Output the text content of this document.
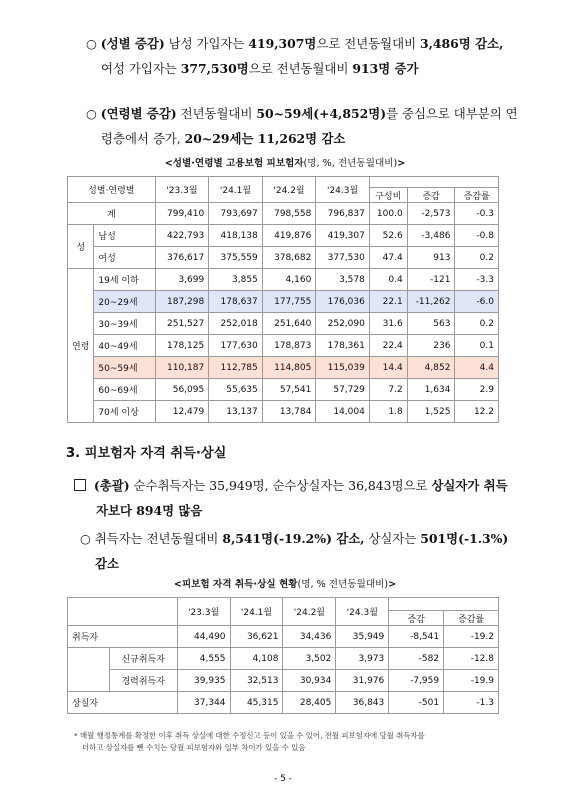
○ (성별 증감) 남성 가입자는 419,307명으로 전년동월대비 3,486명 감소,
여성 가입자는 377,530명으로 전년동월대비 913명 증가
○ (연령별 증감) 전년동월대비 50~59세(+4,852명)를 중심으로 대부분의 연
령층에서 증가, 20~29세는 11,262명 감소
<성별·연령별 고용보험 피보험자(명, %, 전년동월대비)>
성별·연령별		'23.3월	'24.1월	'24.2월	'24.3월			
						구성비	증감	증감률
계		799,410	793,697	798,558	796,837	100.0	-2,573	-0.3
성	남성	422,793	418,138	419,876	419,307	52.6	-3,486	-0.8
	여성	376,617	375,559	378,682	377,530	47.4	913	0.2
연령	19세 이하	3,699	3,855	4,160	3,578	0.4	-121	-3.3
	20~29세	187,298	178,637	177,755	176,036	22.1	-11,262	-6.0
	30~39세	251,527	252,018	251,640	252,090	31.6	563	0.2
	40~49세	178,125	177,630	178,873	178,361	22.4	236	0.1
	50~59세	110,187	112,785	114,805	115,039	14.4	4,852	4.4
	60~69세	56,095	55,635	57,541	57,729	7.2	1,634	2.9
	70세 이상	12,479	13,137	13,784	14,004	1.8	1,525	12.2
3. 피보험자 자격 취득·상실
(총괄) 순수취득자는 35,949명, 순수상실자는 36,843명으로 상실자가 취득
자보다 894명 많음
○ 취득자는 전년동월대비 8,541명(-19.2%) 감소, 상실자는 501명(-1.3%)
감소
<피보험 자격 취득·상실 현황(명, % 전년동월대비)>
		'23.3월	'24.1월	'24.2월	'24.3월		
						증감	증감률
취득자		44,490	36,621	34,436	35,949	-8,541	-19.2
	신규취득자	4,555	4,108	3,502	3,973	-582	-12.8
	경력취득자	39,935	32,513	30,934	31,976	-7,959	-19.9
상실자		37,344	45,315	28,405	36,843	-501	-1.3
* 매월 행정통계를 확정한 이후 취득 상실에 대한 수정신고 등이 있을 수 있어, 전월 피보험자에 당월 취득자를
더하고 상실자를 뺀 수치는 당월 피보험자와 일부 차이가 있을 수 있음
- 5 -
